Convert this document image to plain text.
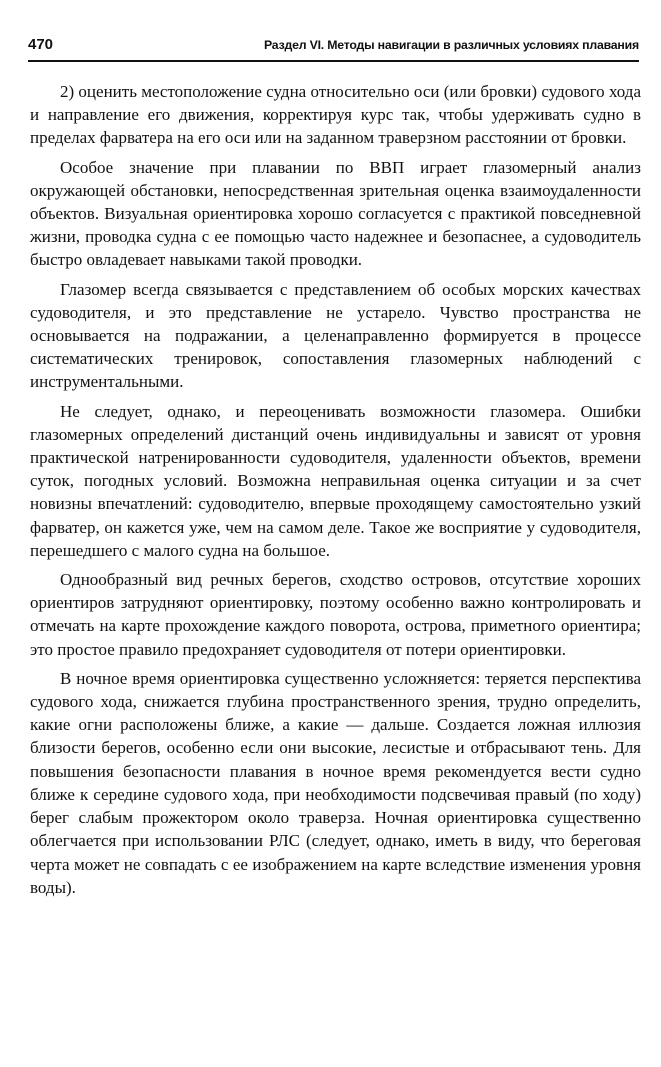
470	Раздел VI. Методы навигации в различных условиях плавания

2) оценить местоположение судна относительно оси (или бровки) судового хода и направление его движения, корректируя курс так, чтобы удерживать судно в пределах фарватера на его оси или на заданном траверзном расстоянии от бровки.

Особое значение при плавании по ВВП играет глазомерный анализ окружающей обстановки, непосредственная зрительная оценка взаимоудаленности объектов. Визуальная ориентировка хорошо согласуется с практикой повседневной жизни, проводка судна с ее помощью часто надежнее и безопаснее, а судоводитель быстро овладевает навыками такой проводки.

Глазомер всегда связывается с представлением об особых морских качествах судоводителя, и это представление не устарело. Чувство пространства не основывается на подражании, а целенаправленно формируется в процессе систематических тренировок, сопоставления глазомерных наблюдений с инструментальными.

Не следует, однако, и переоценивать возможности глазомера. Ошибки глазомерных определений дистанций очень индивидуальны и зависят от уровня практической натренированности судоводителя, удаленности объектов, времени суток, погодных условий. Возможна неправильная оценка ситуации и за счет новизны впечатлений: судоводителю, впервые проходящему самостоятельно узкий фарватер, он кажется уже, чем на самом деле. Такое же восприятие у судоводителя, перешедшего с малого судна на большое.

Однообразный вид речных берегов, сходство островов, отсутствие хороших ориентиров затрудняют ориентировку, поэтому особенно важно контролировать и отмечать на карте прохождение каждого поворота, острова, приметного ориентира; это простое правило предохраняет судоводителя от потери ориентировки.

В ночное время ориентировка существенно усложняется: теряется перспектива судового хода, снижается глубина пространственного зрения, трудно определить, какие огни расположены ближе, а какие — дальше. Создается ложная иллюзия близости берегов, особенно если они высокие, лесистые и отбрасывают тень. Для повышения безопасности плавания в ночное время рекомендуется вести судно ближе к середине судового хода, при необходимости подсвечивая правый (по ходу) берег слабым прожектором около траверза. Ночная ориентировка существенно облегчается при использовании РЛС (следует, однако, иметь в виду, что береговая черта может не совпадать с ее изображением на карте вследствие изменения уровня воды).
